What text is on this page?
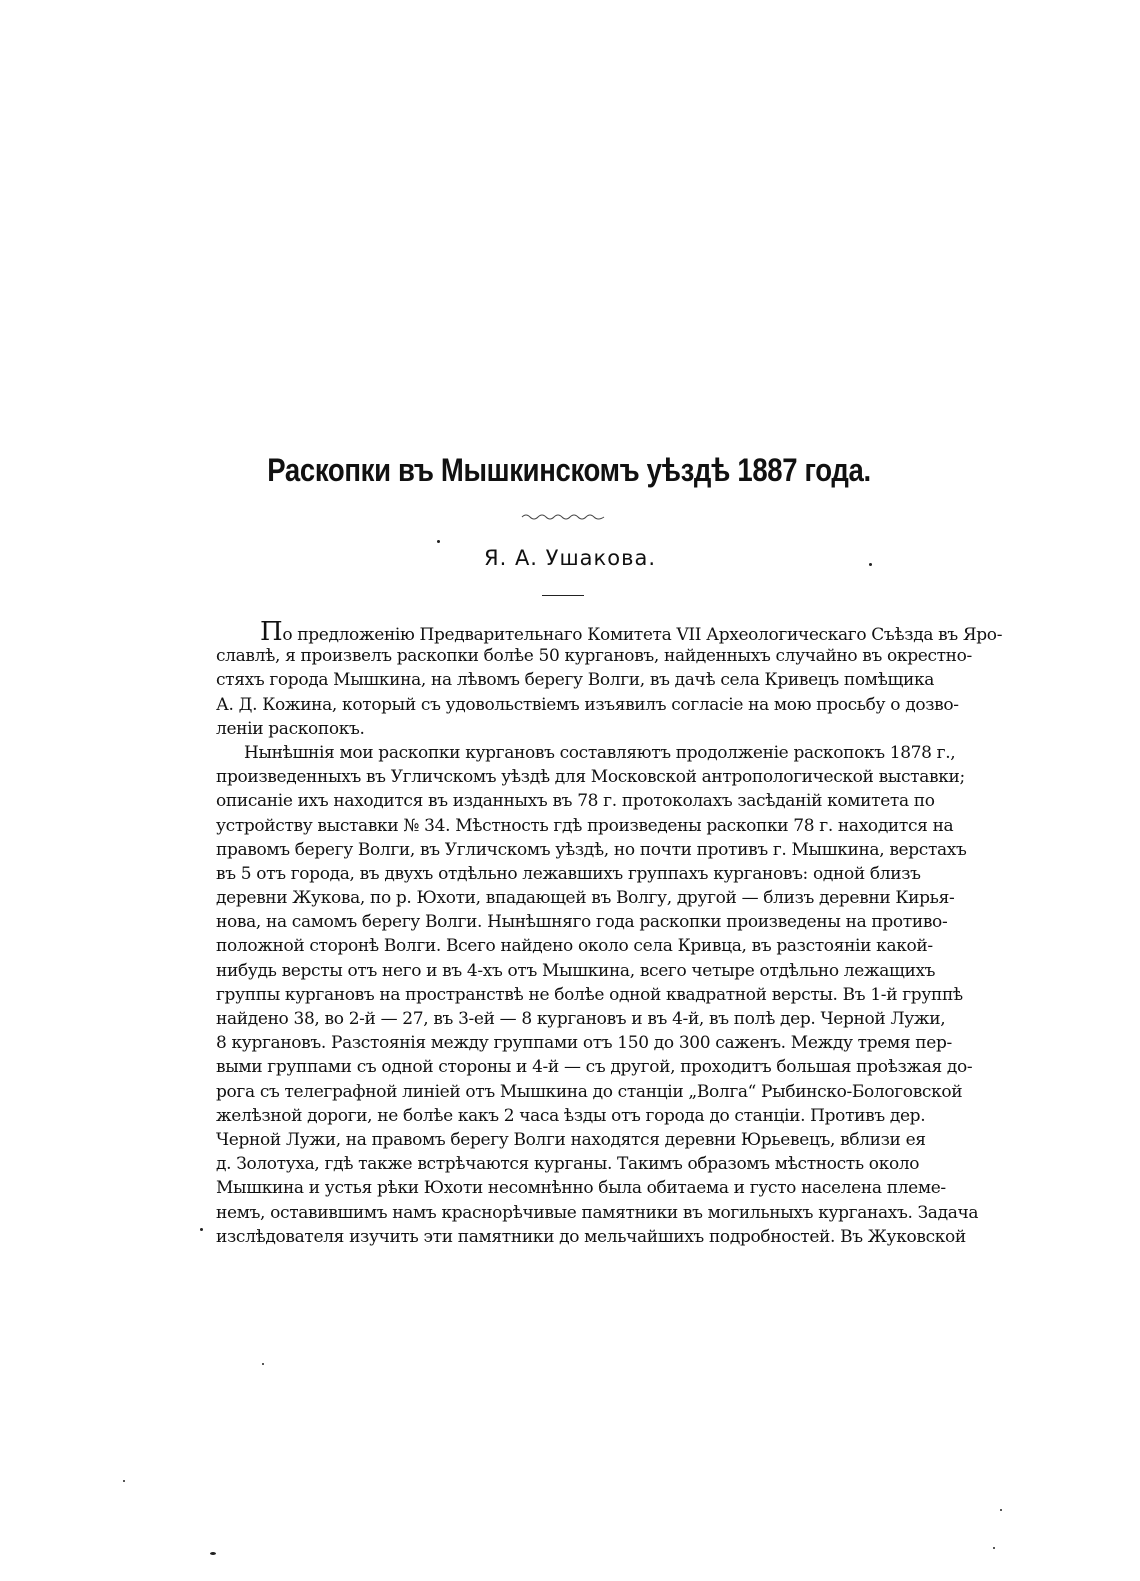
Раскопки въ Мышкинскомъ уѣздѣ 1887 года.
Я. А. Ушакова.
По предложенію Предварительнаго Комитета VII Археологическаго Съѣзда въ Яро-
славлѣ, я произвелъ раскопки болѣе 50 кургановъ, найденныхъ случайно въ окрестно-
стяхъ города Мышкина, на лѣвомъ берегу Волги, въ дачѣ села Кривецъ помѣщика
А. Д. Кожина, который съ удовольствіемъ изъявилъ согласіе на мою просьбу о дозво-
леніи раскопокъ.
Нынѣшнія мои раскопки кургановъ составляютъ продолженіе раскопокъ 1878 г.,
произведенныхъ въ Угличскомъ уѣздѣ для Московской антропологической выставки;
описаніе ихъ находится въ изданныхъ въ 78 г. протоколахъ засѣданій комитета по
устройству выставки № 34. Мѣстность гдѣ произведены раскопки 78 г. находится на
правомъ берегу Волги, въ Угличскомъ уѣздѣ, но почти противъ г. Мышкина, верстахъ
въ 5 отъ города, въ двухъ отдѣльно лежавшихъ группахъ кургановъ: одной близъ
деревни Жукова, по р. Юхоти, впадающей въ Волгу, другой — близъ деревни Кирья-
нова, на самомъ берегу Волги. Нынѣшняго года раскопки произведены на противо-
положной сторонѣ Волги. Всего найдено около села Кривца, въ разстояніи какой-
нибудь версты отъ него и въ 4-хъ отъ Мышкина, всего четыре отдѣльно лежащихъ
группы кургановъ на пространствѣ не болѣе одной квадратной версты. Въ 1-й группѣ
найдено 38, во 2-й — 27, въ 3-ей — 8 кургановъ и въ 4-й, въ полѣ дер. Черной Лужи,
8 кургановъ. Разстоянія между группами отъ 150 до 300 саженъ. Между тремя пер-
выми группами съ одной стороны и 4-й — съ другой, проходитъ большая проѣзжая до-
рога съ телеграфной линіей отъ Мышкина до станціи „Волга“ Рыбинско-Бологовской
желѣзной дороги, не болѣе какъ 2 часа ѣзды отъ города до станціи. Противъ дер.
Черной Лужи, на правомъ берегу Волги находятся деревни Юрьевецъ, вблизи ея
д. Золотуха, гдѣ также встрѣчаются курганы. Такимъ образомъ мѣстность около
Мышкина и устья рѣки Юхоти несомнѣнно была обитаема и густо населена племе-
немъ, оставившимъ намъ краснорѣчивые памятники въ могильныхъ курганахъ. Задача
изслѣдователя изучить эти памятники до мельчайшихъ подробностей. Въ Жуковской
